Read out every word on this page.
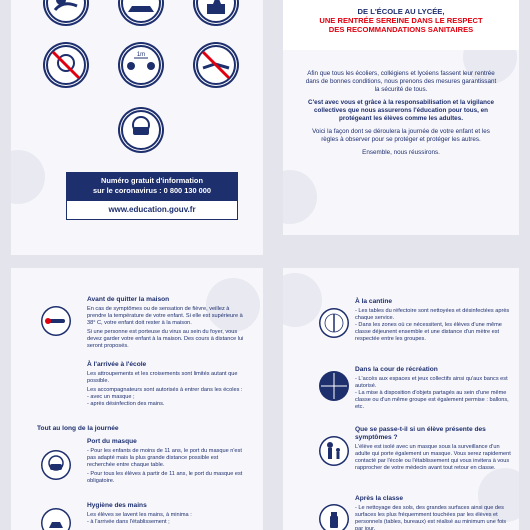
1m
Numéro gratuit d'information
sur le coronavirus : 0 800 130 000
www.education.gouv.fr
DE L'ÉCOLE AU LYCÉE,
UNE RENTRÉE SEREINE DANS LE RESPECT
DES RECOMMANDATIONS SANITAIRES

Afin que tous les écoliers, collégiens et lycéens fassent leur rentrée dans de bonnes conditions, nous prenons des mesures garantissant la sécurité de tous.

C'est avec vous et grâce à la responsabilisation et la vigilance collectives que nous assurerons l'éducation pour tous, en protégeant les élèves comme les adultes.

Voici la façon dont se déroulera la journée de votre enfant et les règles à observer pour se protéger et protéger les autres.

Ensemble, nous réussirons.

Avant de quitter la maison
En cas de symptômes ou de sensation de fièvre, veillez à prendre la température de votre enfant. Si elle est supérieure à 38° C, votre enfant doit rester à la maison.
Si une personne est porteuse du virus au sein du foyer, vous devez garder votre enfant à la maison. Des cours à distance lui seront proposés.
À l'arrivée à l'école
Les attroupements et les croisements sont limités autant que possible.
Les accompagnateurs sont autorisés à entrer dans les écoles :
- avec un masque ;
- après désinfection des mains.
Tout au long de la journée
Port du masque
- Pour les enfants de moins de 11 ans, le port du masque n'est pas adapté mais la plus grande distance possible est recherchée entre chaque table.
- Pour tous les élèves à partir de 11 ans, le port du masque est obligatoire.
Hygiène des mains
Les élèves se lavent les mains, à minima :
- à l'arrivée dans l'établissement ;
À la cantine
- Les tables du réfectoire sont nettoyées et désinfectées après chaque service.
- Dans les zones où ce nécessitent, les élèves d'une même classe déjeunent ensemble et une distance d'un mètre est respectée entre les groupes.
Dans la cour de récréation
- L'accès aux espaces et jeux collectifs ainsi qu'aux bancs est autorisé.
- La mise à disposition d'objets partagés au sein d'une même classe ou d'un même groupe est également permise : ballons, etc.
Que se passe-t-il si un élève présente des symptômes ?
L'élève est isolé avec un masque sous la surveillance d'un adulte qui porte également un masque. Vous serez rapidement contacté par l'école ou l'établissement qui vous invitera à vous rapprocher de votre médecin avant tout retour en classe.
Après la classe
- Le nettoyage des sols, des grandes surfaces ainsi que des surfaces les plus fréquemment touchées par les élèves et personnels (tables, bureaux) est réalisé au minimum une fois par jour.
